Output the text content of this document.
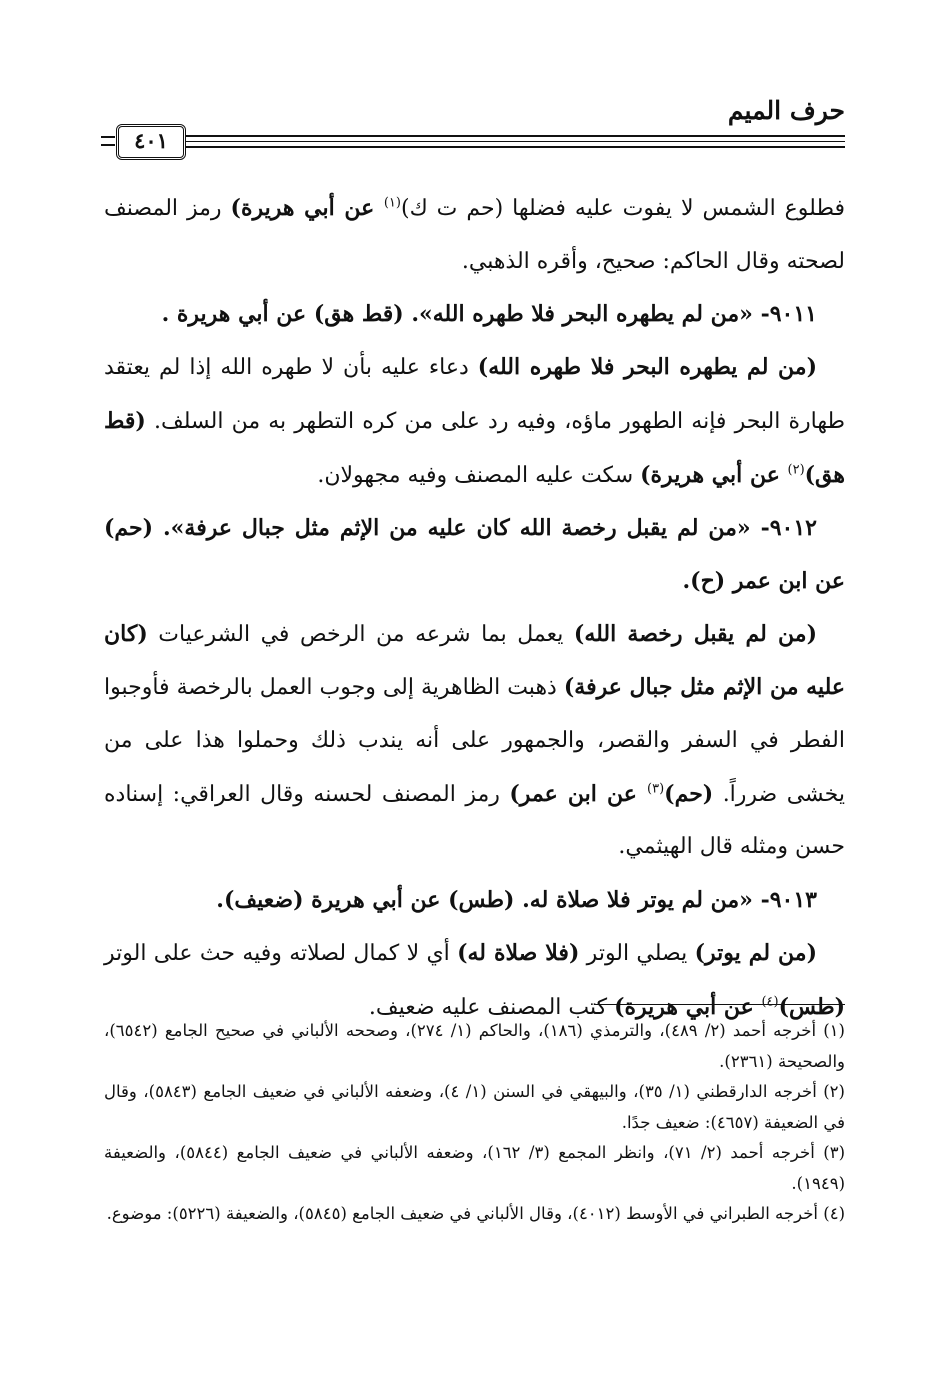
حرف الميم
٤٠١

فطلوع الشمس لا يفوت عليه فضلها (حم ت ك)$^{(١)}$ عن أبي هريرة) رمز المصنف لصحته وقال الحاكم: صحيح، وأقره الذهبي.

٩٠١١- «من لم يطهره البحر فلا طهره الله». (قط هق) عن أبي هريرة .

(من لم يطهره البحر فلا طهره الله) دعاء عليه بأن لا طهره الله إذا لم يعتقد طهارة البحر فإنه الطهور ماؤه، وفيه رد على من كره التطهر به من السلف. (قط هق)$^{(٢)}$ عن أبي هريرة) سكت عليه المصنف وفيه مجهولان.

٩٠١٢- «من لم يقبل رخصة الله كان عليه من الإثم مثل جبال عرفة». (حم) عن ابن عمر (ح).

(من لم يقبل رخصة الله) يعمل بما شرعه من الرخص في الشرعيات (كان عليه من الإثم مثل جبال عرفة) ذهبت الظاهرية إلى وجوب العمل بالرخصة فأوجبوا الفطر في السفر والقصر، والجمهور على أنه يندب ذلك وحملوا هذا على من يخشى ضرراً. (حم)$^{(٣)}$ عن ابن عمر) رمز المصنف لحسنه وقال العراقي: إسناده حسن ومثله قال الهيثمي.

٩٠١٣- «من لم يوتر فلا صلاة له. (طس) عن أبي هريرة (ضعيف).

(من لم يوتر) يصلي الوتر (فلا صلاة له) أي لا كمال لصلاته وفيه حث على الوتر (طس)$^{(٤)}$ عن أبي هريرة) كتب المصنف عليه ضعيف.

(١) أخرجه أحمد (٢/ ٤٨٩)، والترمذي (١٨٦)، والحاكم (١/ ٢٧٤)، وصححه الألباني في صحيح الجامع (٦٥٤٢)، والصحيحة (٢٣٦١).

(٢) أخرجه الدارقطني (١/ ٣٥)، والبيهقي في السنن (١/ ٤)، وضعفه الألباني في ضعيف الجامع (٥٨٤٣)، وقال في الضعيفة (٤٦٥٧): ضعيف جدًا.

(٣) أخرجه أحمد (٢/ ٧١)، وانظر المجمع (٣/ ١٦٢)، وضعفه الألباني في ضعيف الجامع (٥٨٤٤)، والضعيفة (١٩٤٩).

(٤) أخرجه الطبراني في الأوسط (٤٠١٢)، وقال الألباني في ضعيف الجامع (٥٨٤٥)، والضعيفة (٥٢٢٦): موضوع.
